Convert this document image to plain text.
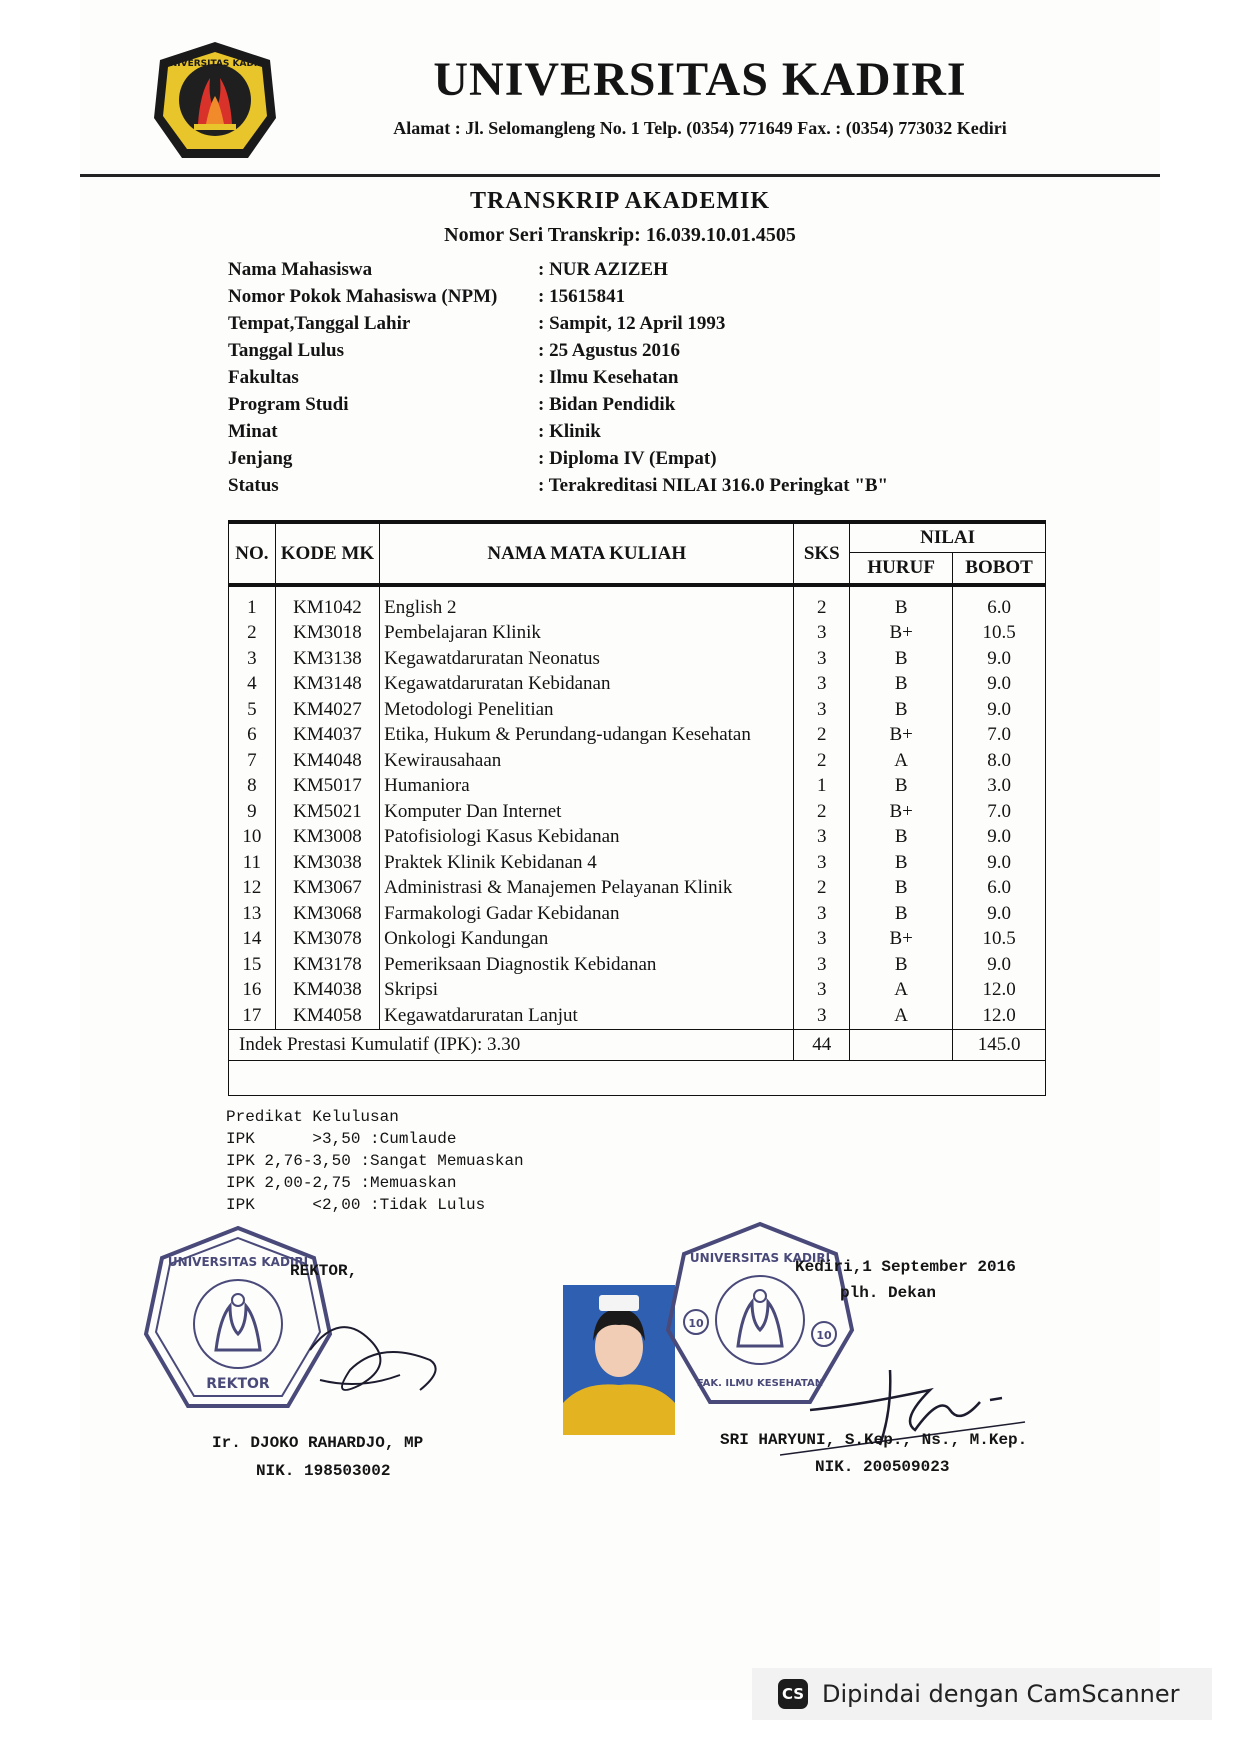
UNIVERSITAS KADIRI	UNIVERSITAS KADIRI
Alamat : Jl. Selomangleng No. 1 Telp. (0354) 771649 Fax. : (0354) 773032 Kediri
TRANSKRIP AKADEMIK
Nomor Seri Transkrip: 16.039.10.01.4505
Nama Mahasiswa	: NUR AZIZEH
Nomor Pokok Mahasiswa (NPM)	: 15615841
Tempat,Tanggal Lahir	: Sampit, 12 April 1993
Tanggal Lulus	: 25 Agustus 2016
Fakultas	: Ilmu Kesehatan
Program Studi	: Bidan Pendidik
Minat	: Klinik
Jenjang	: Diploma IV (Empat)
Status	: Terakreditasi NILAI 316.0 Peringkat "B"
NO.	KODE MK	NAMA MATA KULIAH	SKS	NILAI	
				HURUF	BOBOT
1	KM1042	English 2	2	B	6.0
2	KM3018	Pembelajaran Klinik	3	B+	10.5
3	KM3138	Kegawatdaruratan Neonatus	3	B	9.0
4	KM3148	Kegawatdaruratan Kebidanan	3	B	9.0
5	KM4027	Metodologi Penelitian	3	B	9.0
6	KM4037	Etika, Hukum & Perundang-udangan Kesehatan	2	B+	7.0
7	KM4048	Kewirausahaan	2	A	8.0
8	KM5017	Humaniora	1	B	3.0
9	KM5021	Komputer Dan Internet	2	B+	7.0
10	KM3008	Patofisiologi Kasus Kebidanan	3	B	9.0
11	KM3038	Praktek Klinik Kebidanan 4	3	B	9.0
12	KM3067	Administrasi & Manajemen Pelayanan Klinik	2	B	6.0
13	KM3068	Farmakologi Gadar Kebidanan	3	B	9.0
14	KM3078	Onkologi Kandungan	3	B+	10.5
15	KM3178	Pemeriksaan Diagnostik Kebidanan	3	B	9.0
16	KM4038	Skripsi	3	A	12.0
17	KM4058	Kegawatdaruratan Lanjut	3	A	12.0
Indek Prestasi Kumulatif (IPK): 3.30			44		145.0

Predikat Kelulusan
IPK      >3,50 :Cumlaude
IPK 2,76-3,50 :Sangat Memuaskan
IPK 2,00-2,75 :Memuaskan
IPK      <2,00 :Tidak Lulus
UNIVERSITAS KADIRI
REKTOR
REKTOR,
Ir. DJOKO RAHARDJO, MP
NIK. 198503002
10
10
UNIVERSITAS KADIRI
FAK. ILMU KESEHATAN
Kediri,1 September 2016
plh. Dekan
SRI HARYUNI, S.Kep., Ns., M.Kep.
NIK. 200509023
CS Dipindai dengan CamScanner
